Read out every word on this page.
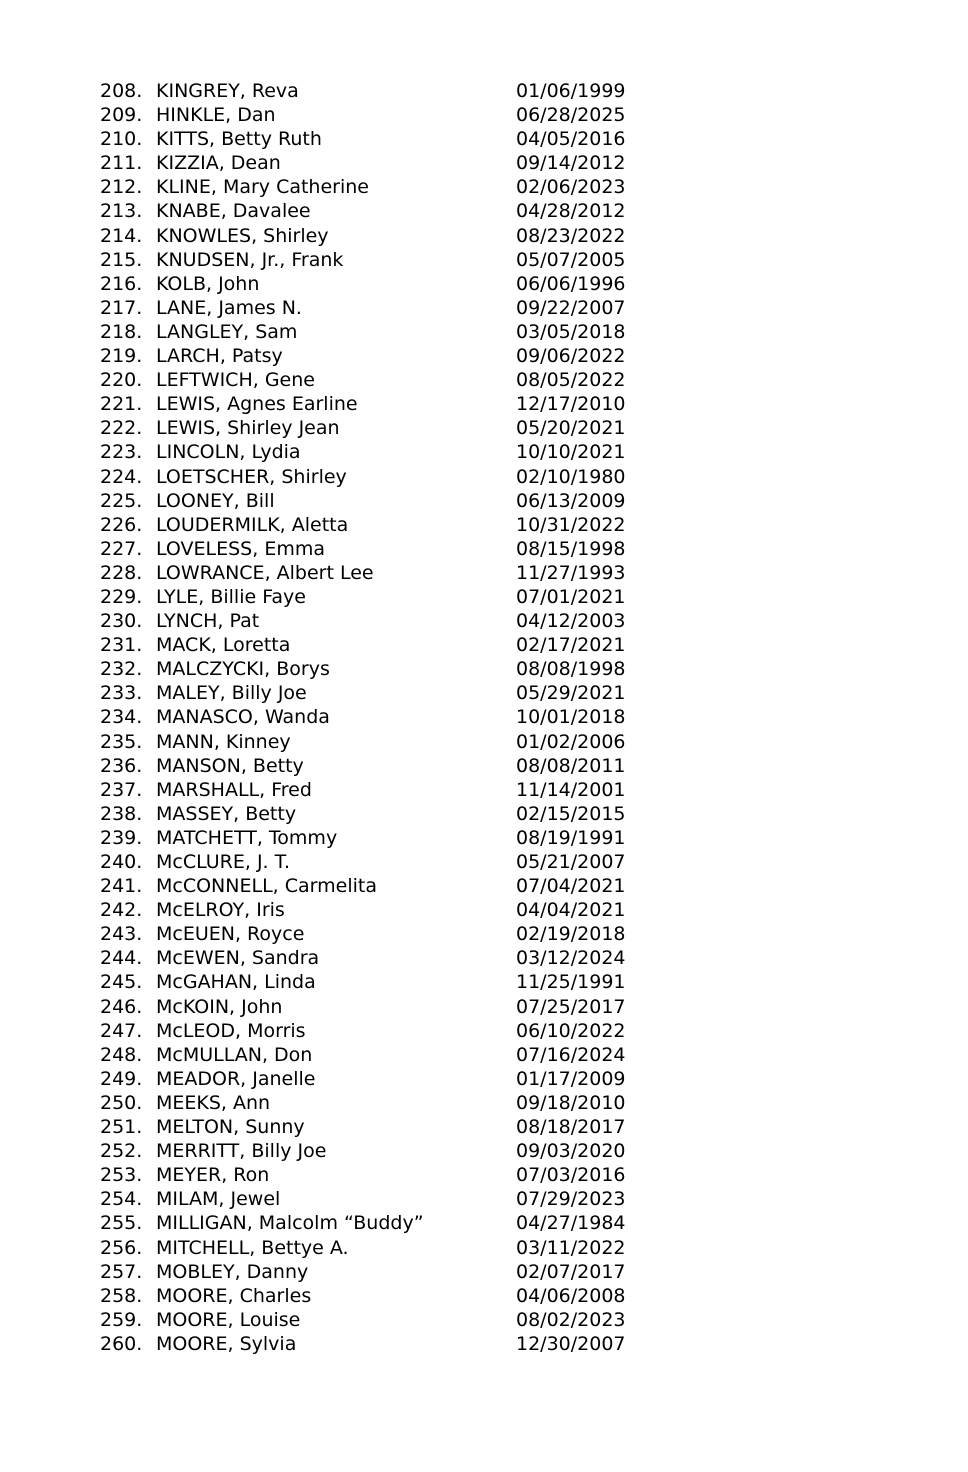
208. KINGREY, Reva	01/06/1999
209. HINKLE, Dan	06/28/2025
210. KITTS, Betty Ruth	04/05/2016
211. KIZZIA, Dean	09/14/2012
212. KLINE, Mary Catherine	02/06/2023
213. KNABE, Davalee	04/28/2012
214. KNOWLES, Shirley	08/23/2022
215. KNUDSEN, Jr., Frank	05/07/2005
216. KOLB, John	06/06/1996
217. LANE, James N.	09/22/2007
218. LANGLEY, Sam	03/05/2018
219. LARCH, Patsy	09/06/2022
220. LEFTWICH, Gene	08/05/2022
221. LEWIS, Agnes Earline	12/17/2010
222. LEWIS, Shirley Jean	05/20/2021
223. LINCOLN, Lydia	10/10/2021
224. LOETSCHER, Shirley	02/10/1980
225. LOONEY, Bill	06/13/2009
226. LOUDERMILK, Aletta	10/31/2022
227. LOVELESS, Emma	08/15/1998
228. LOWRANCE, Albert Lee	11/27/1993
229. LYLE, Billie Faye	07/01/2021
230. LYNCH, Pat	04/12/2003
231. MACK, Loretta	02/17/2021
232. MALCZYCKI, Borys	08/08/1998
233. MALEY, Billy Joe	05/29/2021
234. MANASCO, Wanda	10/01/2018
235. MANN, Kinney	01/02/2006
236. MANSON, Betty	08/08/2011
237. MARSHALL, Fred	11/14/2001
238. MASSEY, Betty	02/15/2015
239. MATCHETT, Tommy	08/19/1991
240. McCLURE, J. T.	05/21/2007
241. McCONNELL, Carmelita	07/04/2021
242. McELROY, Iris	04/04/2021
243. McEUEN, Royce	02/19/2018
244. McEWEN, Sandra	03/12/2024
245. McGAHAN, Linda	11/25/1991
246. McKOIN, John	07/25/2017
247. McLEOD, Morris	06/10/2022
248. McMULLAN, Don	07/16/2024
249. MEADOR, Janelle	01/17/2009
250. MEEKS, Ann	09/18/2010
251. MELTON, Sunny	08/18/2017
252. MERRITT, Billy Joe	09/03/2020
253. MEYER, Ron	07/03/2016
254. MILAM, Jewel	07/29/2023
255. MILLIGAN, Malcolm “Buddy”	04/27/1984
256. MITCHELL, Bettye A.	03/11/2022
257. MOBLEY, Danny	02/07/2017
258. MOORE, Charles	04/06/2008
259. MOORE, Louise	08/02/2023
260. MOORE, Sylvia	12/30/2007
